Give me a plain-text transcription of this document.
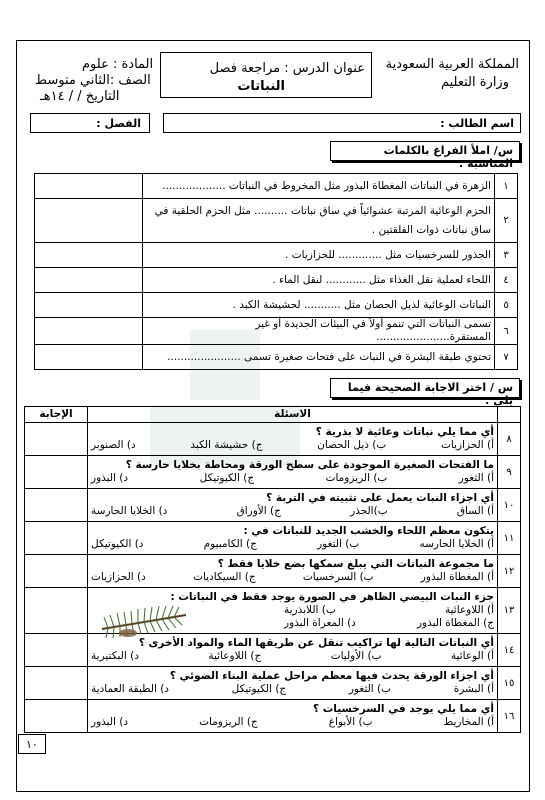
المملكة العربية السعودية
وزارة التعليم
عنوان الدرس : مراجعة فصل
النباتات
المادة : علوم
الصف :الثاني متوسط
التاريخ / / ١٤هـ
اسم الطالب :
الفصل :
س/ املأ الفراغ بالكلمات المناسبة :
١	الزهرة في النباتات المغطاة البذور مثل المخروط في النباتات ...................	

٢	الحزم الوعائية المرتبة عشوائياً في ساق نباتات .......... مثل الحزم الحلقية في
ساق نباتات ذوات الفلقتين .	

٣	الجذور للسرخسيات مثل ............. للحزازيات .	

٤	اللحاء لعملية نقل الغذاء مثل ............ لنقل الماء .	

٥	النباتات الوعائية لذيل الحصان مثل ........... لحشيشة الكبد .	

٦	تسمى النباتات التي تنمو أولاً في البيئات الجديدة أو غير المستقرة......................	

٧	تحتوي طبقة البشرة في النبات على فتحات صغيرة تسمى ......................	

س / اختر الاجابة الصحيحة فيما يلي :
	الاسئلة	الإجابة
٨	أي مما يلي نباتات وعائية لا بذرية ؟
أ) الحزازيات
ب) ذيل الحصان
ج) حشيشة الكبد
د) الصنوبر	

٩	ما الفتحات الصغيرة الموجودة على سطح الورقة ومحاطة بخلايا حارسة ؟
أ) الثغور
ب) الريزومات
ج) الكيوتيكل
د) البذور	

١٠	أي اجزاء النبات يعمل على تثبيته في التربة ؟
أ) الساق
ب)الجذر
ج) الأوراق
د) الخلايا الحارسة	

١١	يتكون معظم اللحاء والخشب الجديد للنباتات في :
أ) الخلايا الحارسه
ب) الثغور
ج) الكامبيوم
د) الكيوتيكل	

١٢	ما مجموعة النباتات التي يبلغ سمكها بضع خلايا فقط ؟
أ) المغطاة البذور
ب) السرخسيات
ج) السيكاديات
د) الحزازيات	

١٣	جزء النبات البيضي الظاهر في الصورة يوجد فقط في النباتات :
أ) اللاوعائية
ب) اللابذرية
ج) المغطاة البذور
د) المعراة البذور	

١٤	أي النباتات التالية لها تراكيب تنقل عن طريقها الماء والمواد الأخرى ؟
أ) الوعائية
ب) الأوليات
ج) اللاوعائية
د) البكتيرية	

١٥	أي اجزاء الورقة يحدث فيها معظم مراحل عملية البناء الضوئي ؟
أ) البشرة
ب) الثغور
ج) الكيوتيكل
د) الطبقة العمادية	

١٦	أي مما يلي يوجد في السرخسيات ؟
أ) المخاريط
ب) الأبواغ
ج) الريزومات
د) البذور	

١٠
